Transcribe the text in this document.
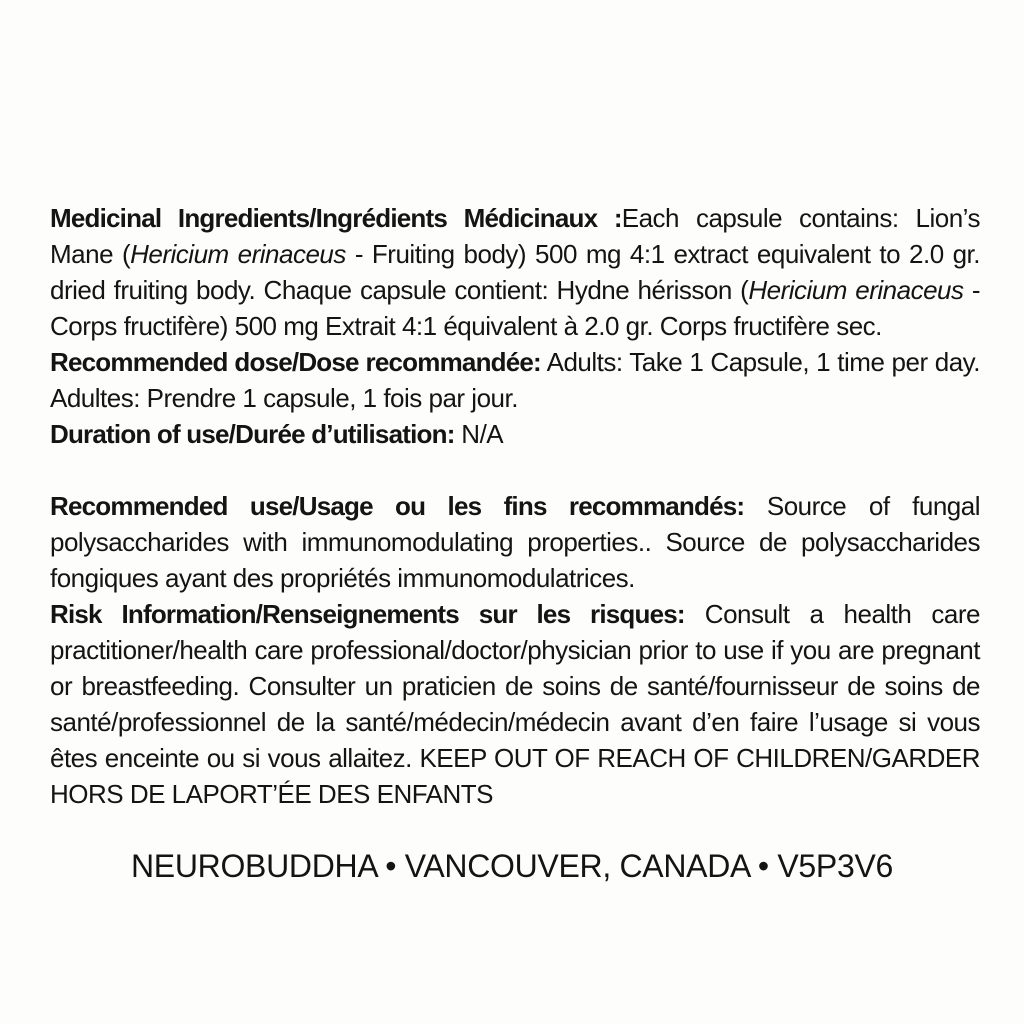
Medicinal Ingredients/Ingrédients Médicinaux :Each capsule contains: Lion’s Mane (Hericium erinaceus - Fruiting body) 500 mg 4:1 extract equivalent to 2.0 gr. dried fruiting body. Chaque capsule contient: Hydne hérisson (Hericium erinaceus - Corps fructifère) 500 mg Extrait 4:1 équivalent à 2.0 gr. Corps fructifère sec.

Recommended dose/Dose recommandée: Adults: Take 1 Capsule, 1 time per day. Adultes: Prendre 1 capsule, 1 fois par jour.

Duration of use/Durée d’utilisation: N/A

Recommended use/Usage ou les fins recommandés: Source of fungal polysaccharides with immunomodulating properties.. Source de polysaccharides fongiques ayant des propriétés immunomodulatrices.

Risk Information/Renseignements sur les risques: Consult a health care practitioner/health care professional/doctor/physician prior to use if you are pregnant or breastfeeding. Consulter un praticien de soins de santé/fournisseur de soins de santé/professionnel de la santé/médecin/médecin avant d’en faire l’usage si vous êtes enceinte ou si vous allaitez. KEEP OUT OF REACH OF CHILDREN/GARDER HORS DE LAPORT’ÉE DES ENFANTS

NEUROBUDDHA • VANCOUVER, CANADA • V5P3V6
